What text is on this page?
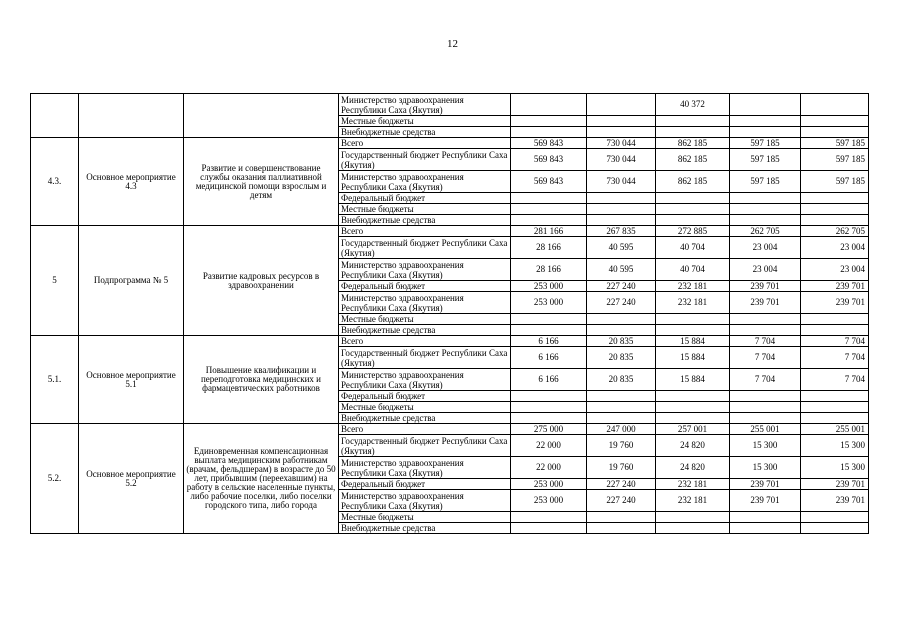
12
			Министерство здравоохранения Республики Саха (Якутия)			40 372		
			Местные бюджеты					
			Внебюджетные средства					
4.3.	Основное мероприятие 4.3	Развитие и совершенствование службы оказания паллиативной медицинской помощи взрослым и детям	Всего	569 843	730 044	862 185	597 185	597 185
			Государственный бюджет Республики Саха (Якутия)	569 843	730 044	862 185	597 185	597 185
			Министерство здравоохранения Республики Саха (Якутия)	569 843	730 044	862 185	597 185	597 185
			Федеральный бюджет					
			Местные бюджеты					
			Внебюджетные средства					
5	Подпрограмма № 5	Развитие кадровых ресурсов в здравоохранении	Всего	281 166	267 835	272 885	262 705	262 705
			Государственный бюджет Республики Саха (Якутия)	28 166	40 595	40 704	23 004	23 004
			Министерство здравоохранения Республики Саха (Якутия)	28 166	40 595	40 704	23 004	23 004
			Федеральный бюджет	253 000	227 240	232 181	239 701	239 701
			Министерство здравоохранения Республики Саха (Якутия)	253 000	227 240	232 181	239 701	239 701
			Местные бюджеты					
			Внебюджетные средства					
5.1.	Основное мероприятие 5.1	Повышение квалификации и переподготовка медицинских и фармацевтических работников	Всего	6 166	20 835	15 884	7 704	7 704
			Государственный бюджет Республики Саха (Якутия)	6 166	20 835	15 884	7 704	7 704
			Министерство здравоохранения Республики Саха (Якутия)	6 166	20 835	15 884	7 704	7 704
			Федеральный бюджет					
			Местные бюджеты					
			Внебюджетные средства					
5.2.	Основное мероприятие 5.2	Единовременная компенсационная выплата медицинским работникам (врачам, фельдшерам) в возрасте до 50 лет, прибывшим (переехавшим) на работу в сельские населенные пункты, либо рабочие поселки, либо поселки городского типа, либо города	Всего	275 000	247 000	257 001	255 001	255 001
			Государственный бюджет Республики Саха (Якутия)	22 000	19 760	24 820	15 300	15 300
			Министерство здравоохранения Республики Саха (Якутия)	22 000	19 760	24 820	15 300	15 300
			Федеральный бюджет	253 000	227 240	232 181	239 701	239 701
			Министерство здравоохранения Республики Саха (Якутия)	253 000	227 240	232 181	239 701	239 701
			Местные бюджеты					
			Внебюджетные средства					
